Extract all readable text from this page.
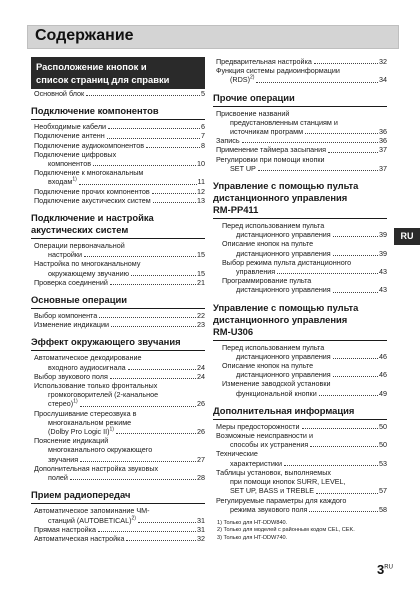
Содержание
Расположение кнопок и
список страниц для справки
Основной блок	5
Подключение компонентов
Необходимые кабели	6
Подключение антенн	7
Подключение аудиокомпонентов	8
Подключение цифровых
компонентов	10
Подключение к многоканальным
входам$^{1)}$	11
Подключение прочих компонентов	12
Подключение акустических систем	13
Подключение и настройка
акустических систем
Операции первоначальной
настройки	15
Настройка по многоканальному
окружающему звучанию	15
Проверка соединений	21
Основные операции
Выбор компонента	22
Изменение индикации	23
Эффект окружающего звучания
Автоматическое декодирование
входного аудиосигнала	24
Выбор звукового поля	24
Использование только фронтальных
громкоговорителей (2-канальное
стерео)$^{1)}$	26
Прослушивание стереозвука в
многоканальном режиме
(Dolby Pro Logic II)$^{1)}$	26
Пояснение индикаций
многоканального окружающего
звучания	27
Дополнительная настройка звуковых
полей	28
Прием радиопередач
Автоматическое запоминание ЧМ-
станций (AUTOBETICAL)$^{2)}$	31
Прямая настройка	31
Автоматическая настройка	32
Предварительная настройка	32
Функция системы радиоинформации
(RDS)$^{2)}$	34
Прочие операции
Присвоение названий
предустановленным станциям и
источникам программ	36
Запись	36
Применение таймера засыпания	37
Регулировки при помощи кнопки
SET UP	37
Управление с помощью пульта
дистанционного управления
RM-PP411
Перед использованием пульта
дистанционного управления	39
Описание кнопок на пульте
дистанционного управления	39
Выбор режима пульта дистанционного
управления	43
Программирование пульта
дистанционного управления	43
Управление с помощью пульта
дистанционного управления
RM-U306
Перед использованием пульта
дистанционного управления	46
Описание кнопок на пульте
дистанционного управления	46
Изменение заводской установки
функциональной кнопки	49
Дополнительная информация
Меры предосторожности	50
Возможные неисправности и
способы их устранения	50
Технические
характеристики	53
Таблицы установок, выполняемых
при помощи кнопок SURR, LEVEL,
SET UP, BASS и TREBLE	57
Регулируемые параметры для каждого
режима звукового поля	58
1) Только для HT-DDW840.
2) Только для моделей с районным кодом CEL, CEK.
3) Только для HT-DDW740.
RU
$3^{RU}$
